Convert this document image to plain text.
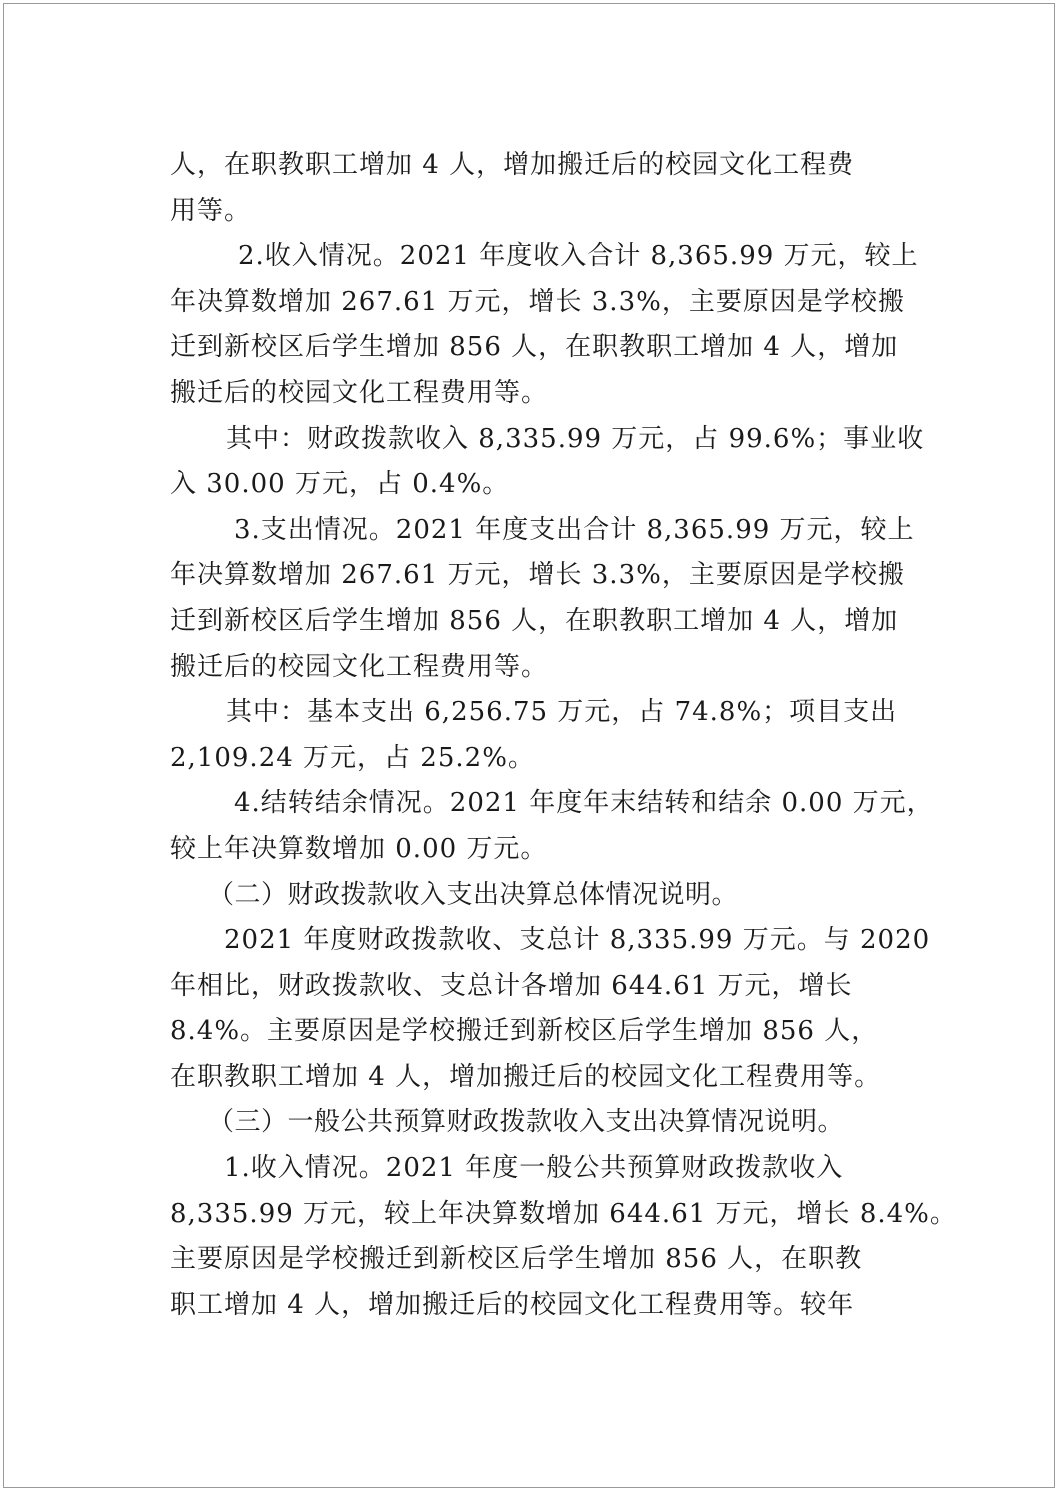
人，在职教职工增加 4 人，增加搬迁后的校园文化工程费
用等。
2.收入情况。2021 年度收入合计 8,365.99 万元，较上
年决算数增加 267.61 万元，增长 3.3%，主要原因是学校搬
迁到新校区后学生增加 856 人，在职教职工增加 4 人，增加
搬迁后的校园文化工程费用等。
其中：财政拨款收入 8,335.99 万元，占 99.6%；事业收
入 30.00 万元，占 0.4%。
3.支出情况。2021 年度支出合计 8,365.99 万元，较上
年决算数增加 267.61 万元，增长 3.3%，主要原因是学校搬
迁到新校区后学生增加 856 人，在职教职工增加 4 人，增加
搬迁后的校园文化工程费用等。
其中：基本支出 6,256.75 万元，占 74.8%；项目支出
2,109.24 万元，占 25.2%。
4.结转结余情况。2021 年度年末结转和结余 0.00 万元，
较上年决算数增加 0.00 万元。
（二）财政拨款收入支出决算总体情况说明。
2021 年度财政拨款收、支总计 8,335.99 万元。与 2020
年相比，财政拨款收、支总计各增加 644.61 万元，增长
8.4%。主要原因是学校搬迁到新校区后学生增加 856 人，
在职教职工增加 4 人，增加搬迁后的校园文化工程费用等。
（三）一般公共预算财政拨款收入支出决算情况说明。
1.收入情况。2021 年度一般公共预算财政拨款收入
8,335.99 万元，较上年决算数增加 644.61 万元，增长 8.4%。
主要原因是学校搬迁到新校区后学生增加 856 人，在职教
职工增加 4 人，增加搬迁后的校园文化工程费用等。较年
